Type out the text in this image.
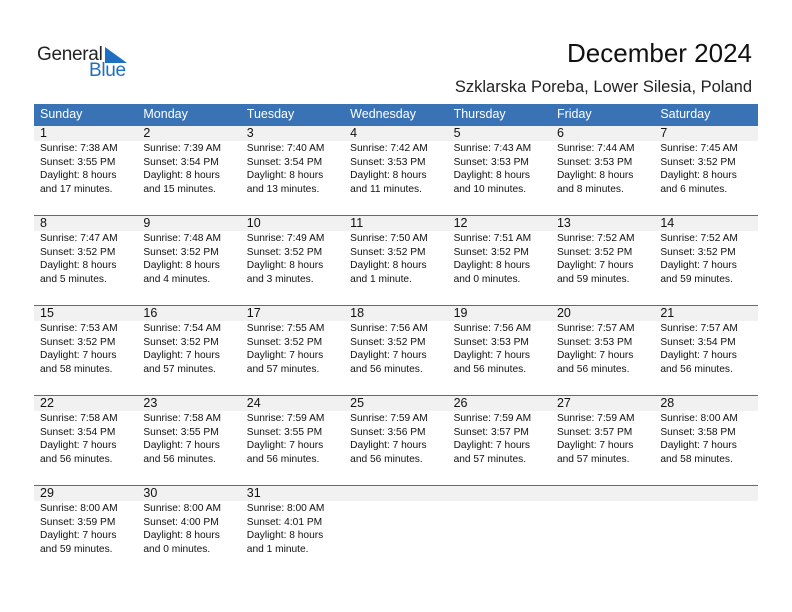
General
Blue
December 2024
Szklarska Poreba, Lower Silesia, Poland
Sunday	Monday	Tuesday	Wednesday	Thursday	Friday	Saturday
1	2	3	4	5	6	7
Sunrise: 7:38 AM
Sunset: 3:55 PM
Daylight: 8 hours
and 17 minutes.
Sunrise: 7:39 AM
Sunset: 3:54 PM
Daylight: 8 hours
and 15 minutes.
Sunrise: 7:40 AM
Sunset: 3:54 PM
Daylight: 8 hours
and 13 minutes.
Sunrise: 7:42 AM
Sunset: 3:53 PM
Daylight: 8 hours
and 11 minutes.
Sunrise: 7:43 AM
Sunset: 3:53 PM
Daylight: 8 hours
and 10 minutes.
Sunrise: 7:44 AM
Sunset: 3:53 PM
Daylight: 8 hours
and 8 minutes.
Sunrise: 7:45 AM
Sunset: 3:52 PM
Daylight: 8 hours
and 6 minutes.
8	9	10	11	12	13	14
Sunrise: 7:47 AM
Sunset: 3:52 PM
Daylight: 8 hours
and 5 minutes.
Sunrise: 7:48 AM
Sunset: 3:52 PM
Daylight: 8 hours
and 4 minutes.
Sunrise: 7:49 AM
Sunset: 3:52 PM
Daylight: 8 hours
and 3 minutes.
Sunrise: 7:50 AM
Sunset: 3:52 PM
Daylight: 8 hours
and 1 minute.
Sunrise: 7:51 AM
Sunset: 3:52 PM
Daylight: 8 hours
and 0 minutes.
Sunrise: 7:52 AM
Sunset: 3:52 PM
Daylight: 7 hours
and 59 minutes.
Sunrise: 7:52 AM
Sunset: 3:52 PM
Daylight: 7 hours
and 59 minutes.
15	16	17	18	19	20	21
Sunrise: 7:53 AM
Sunset: 3:52 PM
Daylight: 7 hours
and 58 minutes.
Sunrise: 7:54 AM
Sunset: 3:52 PM
Daylight: 7 hours
and 57 minutes.
Sunrise: 7:55 AM
Sunset: 3:52 PM
Daylight: 7 hours
and 57 minutes.
Sunrise: 7:56 AM
Sunset: 3:52 PM
Daylight: 7 hours
and 56 minutes.
Sunrise: 7:56 AM
Sunset: 3:53 PM
Daylight: 7 hours
and 56 minutes.
Sunrise: 7:57 AM
Sunset: 3:53 PM
Daylight: 7 hours
and 56 minutes.
Sunrise: 7:57 AM
Sunset: 3:54 PM
Daylight: 7 hours
and 56 minutes.
22	23	24	25	26	27	28
Sunrise: 7:58 AM
Sunset: 3:54 PM
Daylight: 7 hours
and 56 minutes.
Sunrise: 7:58 AM
Sunset: 3:55 PM
Daylight: 7 hours
and 56 minutes.
Sunrise: 7:59 AM
Sunset: 3:55 PM
Daylight: 7 hours
and 56 minutes.
Sunrise: 7:59 AM
Sunset: 3:56 PM
Daylight: 7 hours
and 56 minutes.
Sunrise: 7:59 AM
Sunset: 3:57 PM
Daylight: 7 hours
and 57 minutes.
Sunrise: 7:59 AM
Sunset: 3:57 PM
Daylight: 7 hours
and 57 minutes.
Sunrise: 8:00 AM
Sunset: 3:58 PM
Daylight: 7 hours
and 58 minutes.
29	30	31
Sunrise: 8:00 AM
Sunset: 3:59 PM
Daylight: 7 hours
and 59 minutes.
Sunrise: 8:00 AM
Sunset: 4:00 PM
Daylight: 8 hours
and 0 minutes.
Sunrise: 8:00 AM
Sunset: 4:01 PM
Daylight: 8 hours
and 1 minute.
